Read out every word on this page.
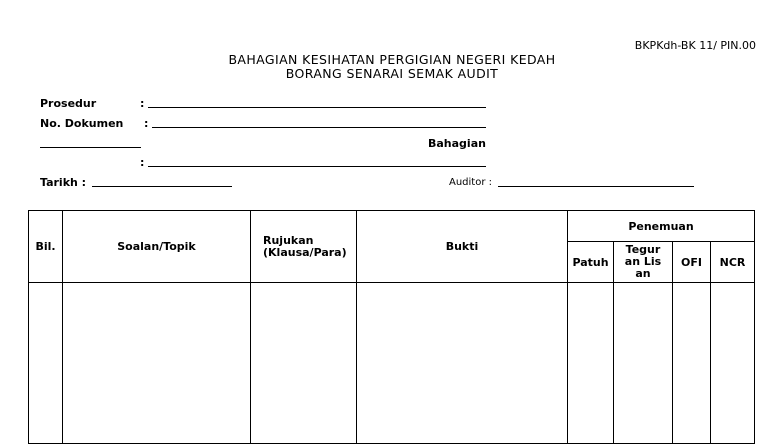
BKPKdh-BK 11/ PIN.00
BAHAGIAN KESIHATAN PERGIGIAN NEGERI KEDAH
BORANG SENARAI SEMAK AUDIT
Prosedur	:
No. Dokumen :
Bahagian
:
Tarikh :	Auditor :
Bil.	Soalan/Topik	Rujukan (Klausa/Para)	Bukti	Penemuan			
				Patuh	Teguran Lisan	OFI	NCR
